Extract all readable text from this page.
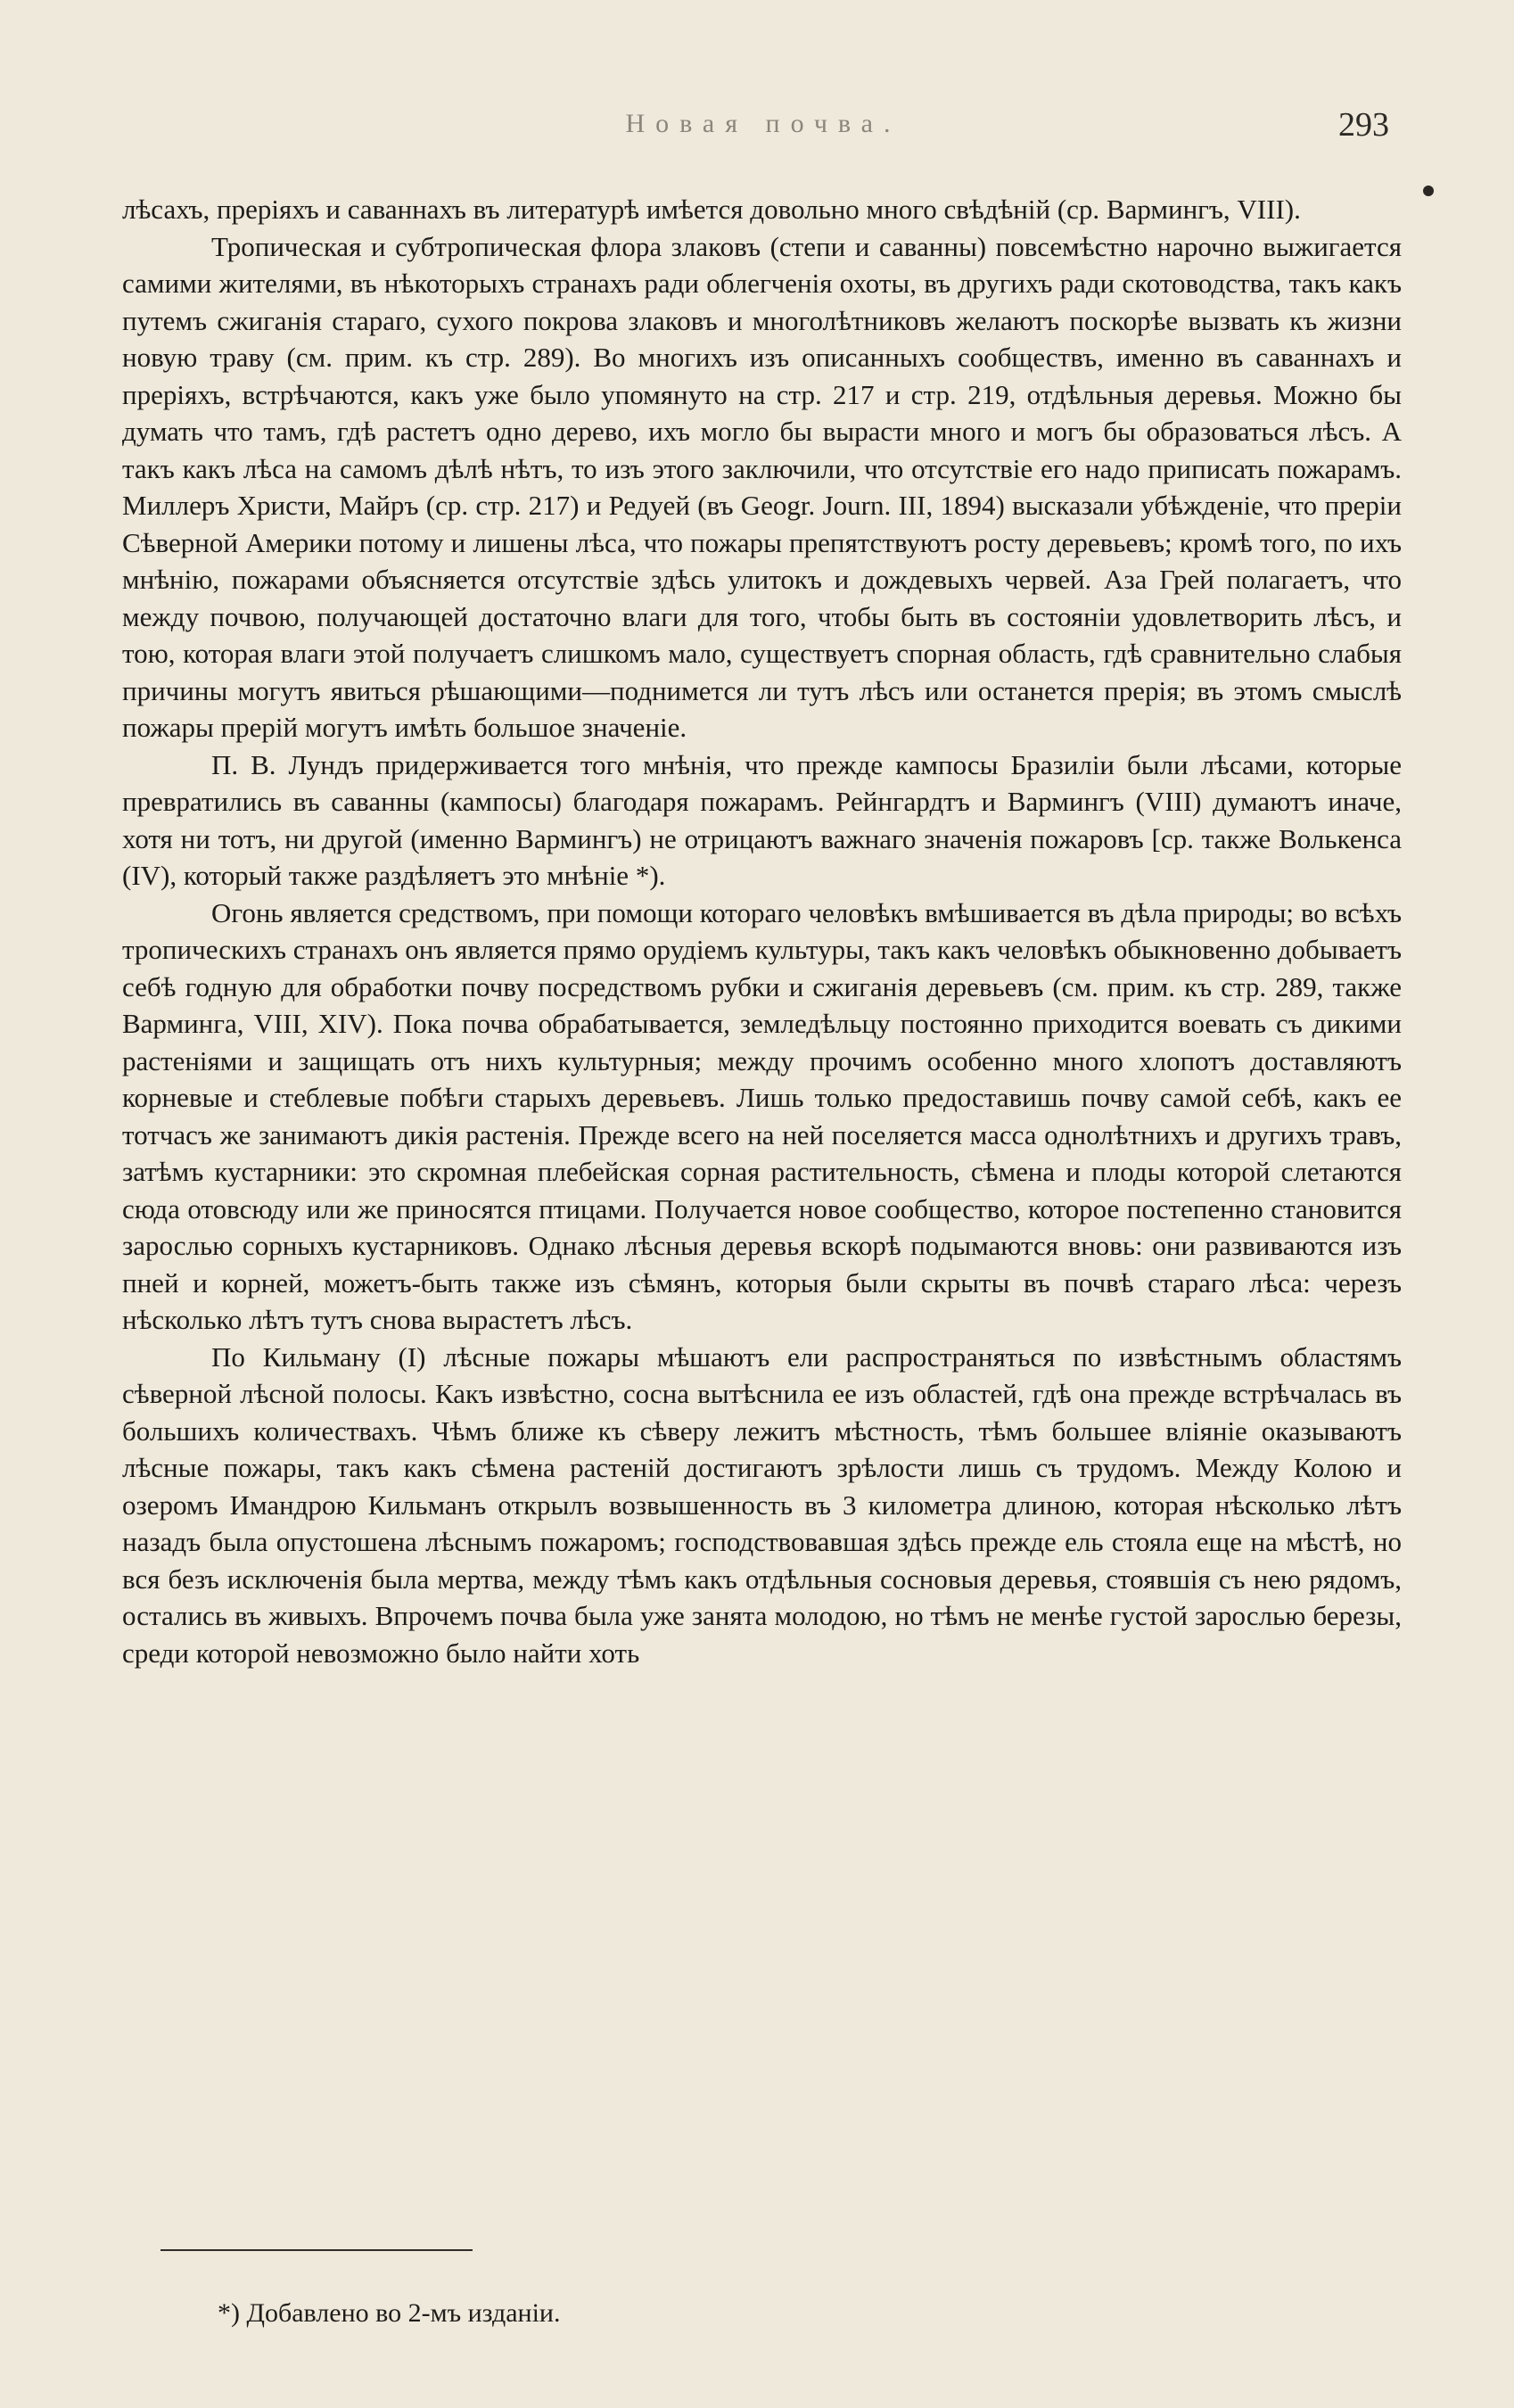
Новая почва.	293

лѣсахъ, преріяхъ и саваннахъ въ литературѣ имѣется довольно много свѣдѣній (ср. Вармингъ, VIII).

Тропическая и субтропическая флора злаковъ (степи и саванны) повсемѣстно нарочно выжигается самими жителями, въ нѣкоторыхъ странахъ ради облегченія охоты, въ другихъ ради скотоводства, такъ какъ путемъ сжиганія стараго, сухого покрова злаковъ и многолѣтниковъ желаютъ поскорѣе вызвать къ жизни новую траву (см. прим. къ стр. 289). Во многихъ изъ описанныхъ сообществъ, именно въ саваннахъ и преріяхъ, встрѣчаются, какъ уже было упомянуто на стр. 217 и стр. 219, отдѣльныя деревья. Можно бы думать что тамъ, гдѣ растетъ одно дерево, ихъ могло бы вырасти много и могъ бы образоваться лѣсъ. А такъ какъ лѣса на самомъ дѣлѣ нѣтъ, то изъ этого заключили, что отсутствіе его надо приписать пожарамъ. Миллеръ Христи, Майръ (ср. стр. 217) и Редуей (въ Geogr. Journ. III, 1894) высказали убѣжденіе, что преріи Сѣверной Америки потому и лишены лѣса, что пожары препятствуютъ росту деревьевъ; кромѣ того, по ихъ мнѣнію, пожарами объясняется отсутствіе здѣсь улитокъ и дождевыхъ червей. Аза Грей полагаетъ, что между почвою, получающей достаточно влаги для того, чтобы быть въ состояніи удовлетворить лѣсъ, и тою, которая влаги этой получаетъ слишкомъ мало, существуетъ спорная область, гдѣ сравнительно слабыя причины могутъ явиться рѣшающими—поднимется ли тутъ лѣсъ или останется прерія; въ этомъ смыслѣ пожары прерій могутъ имѣть большое значеніе.

П. В. Лундъ придерживается того мнѣнія, что прежде кампосы Бразиліи были лѣсами, которые превратились въ саванны (кампосы) благодаря пожарамъ. Рейнгардтъ и Вармингъ (VIII) думаютъ иначе, хотя ни тотъ, ни другой (именно Вармингъ) не отрицаютъ важнаго значенія пожаровъ [ср. также Волькенса (IV), который также раздѣляетъ это мнѣніе *).

Огонь является средствомъ, при помощи котораго человѣкъ вмѣшивается въ дѣла природы; во всѣхъ тропическихъ странахъ онъ является прямо орудіемъ культуры, такъ какъ человѣкъ обыкновенно добываетъ себѣ годную для обработки почву посредствомъ рубки и сжиганія деревьевъ (см. прим. къ стр. 289, также Варминга, VIII, XIV). Пока почва обрабатывается, земледѣльцу постоянно приходится воевать съ дикими растеніями и защищать отъ нихъ культурныя; между прочимъ особенно много хлопотъ доставляютъ корневые и стеблевые побѣги старыхъ деревьевъ. Лишь только предоставишь почву самой себѣ, какъ ее тотчасъ же занимаютъ дикія растенія. Прежде всего на ней поселяется масса однолѣтнихъ и другихъ травъ, затѣмъ кустарники: это скромная плебейская сорная растительность, сѣмена и плоды которой слетаются сюда отовсюду или же приносятся птицами. Получается новое сообщество, которое постепенно становится зарослью сорныхъ кустарниковъ. Однако лѣсныя деревья вскорѣ подымаются вновь: они развиваются изъ пней и корней, можетъ-быть также изъ сѣмянъ, которыя были скрыты въ почвѣ стараго лѣса: черезъ нѣсколько лѣтъ тутъ снова вырастетъ лѣсъ.

По Кильману (I) лѣсные пожары мѣшаютъ ели распространяться по извѣстнымъ областямъ сѣверной лѣсной полосы. Какъ извѣстно, сосна вытѣснила ее изъ областей, гдѣ она прежде встрѣчалась въ большихъ количествахъ. Чѣмъ ближе къ сѣверу лежитъ мѣстность, тѣмъ большее вліяніе оказываютъ лѣсные пожары, такъ какъ сѣмена растеній достигаютъ зрѣлости лишь съ трудомъ. Между Колою и озеромъ Имандрою Кильманъ открылъ возвышенность въ 3 километра длиною, которая нѣсколько лѣтъ назадъ была опустошена лѣснымъ пожаромъ; господствовавшая здѣсь прежде ель стояла еще на мѣстѣ, но вся безъ исключенія была мертва, между тѣмъ какъ отдѣльныя сосновыя деревья, стоявшія съ нею рядомъ, остались въ живыхъ. Впрочемъ почва была уже занята молодою, но тѣмъ не менѣе густой зарослью березы, среди которой невозможно было найти хоть

*) Добавлено во 2-мъ изданіи.
